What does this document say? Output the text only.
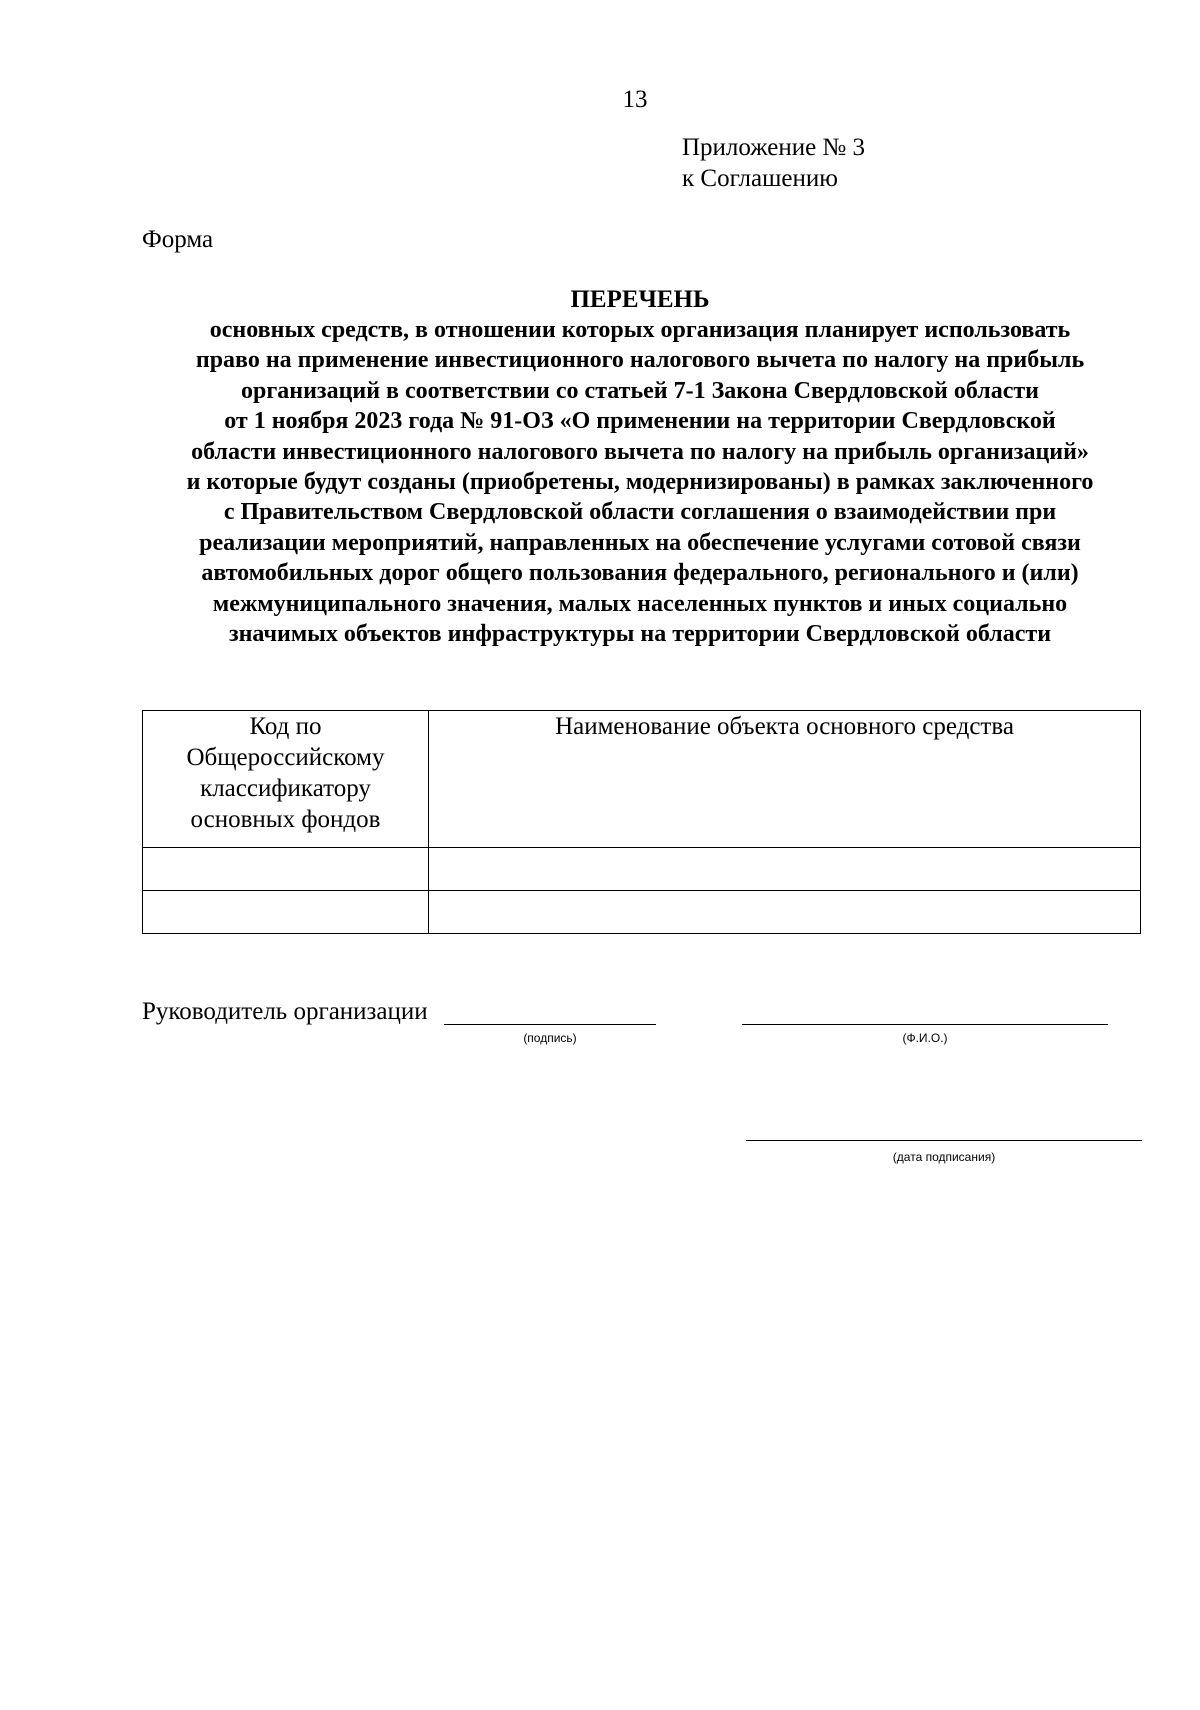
13
Приложение № 3
к Соглашению
Форма
ПЕРЕЧЕНЬ
основных средств, в отношении которых организация планирует использовать
право на применение инвестиционного налогового вычета по налогу на прибыль
организаций в соответствии со статьей 7-1 Закона Свердловской области
от 1 ноября 2023 года № 91-ОЗ «О применении на территории Свердловской
области инвестиционного налогового вычета по налогу на прибыль организаций»
и которые будут созданы (приобретены, модернизированы) в рамках заключенного
с Правительством Свердловской области соглашения о взаимодействии при
реализации мероприятий, направленных на обеспечение услугами сотовой связи
автомобильных дорог общего пользования федерального, регионального и (или)
межмуниципального значения, малых населенных пунктов и иных социально
значимых объектов инфраструктуры на территории Свердловской области
Код по
Общероссийскому
классификатору
основных фондов	Наименование объекта основного средства

Руководитель организации
(подпись)	(Ф.И.О.)
(дата подписания)
